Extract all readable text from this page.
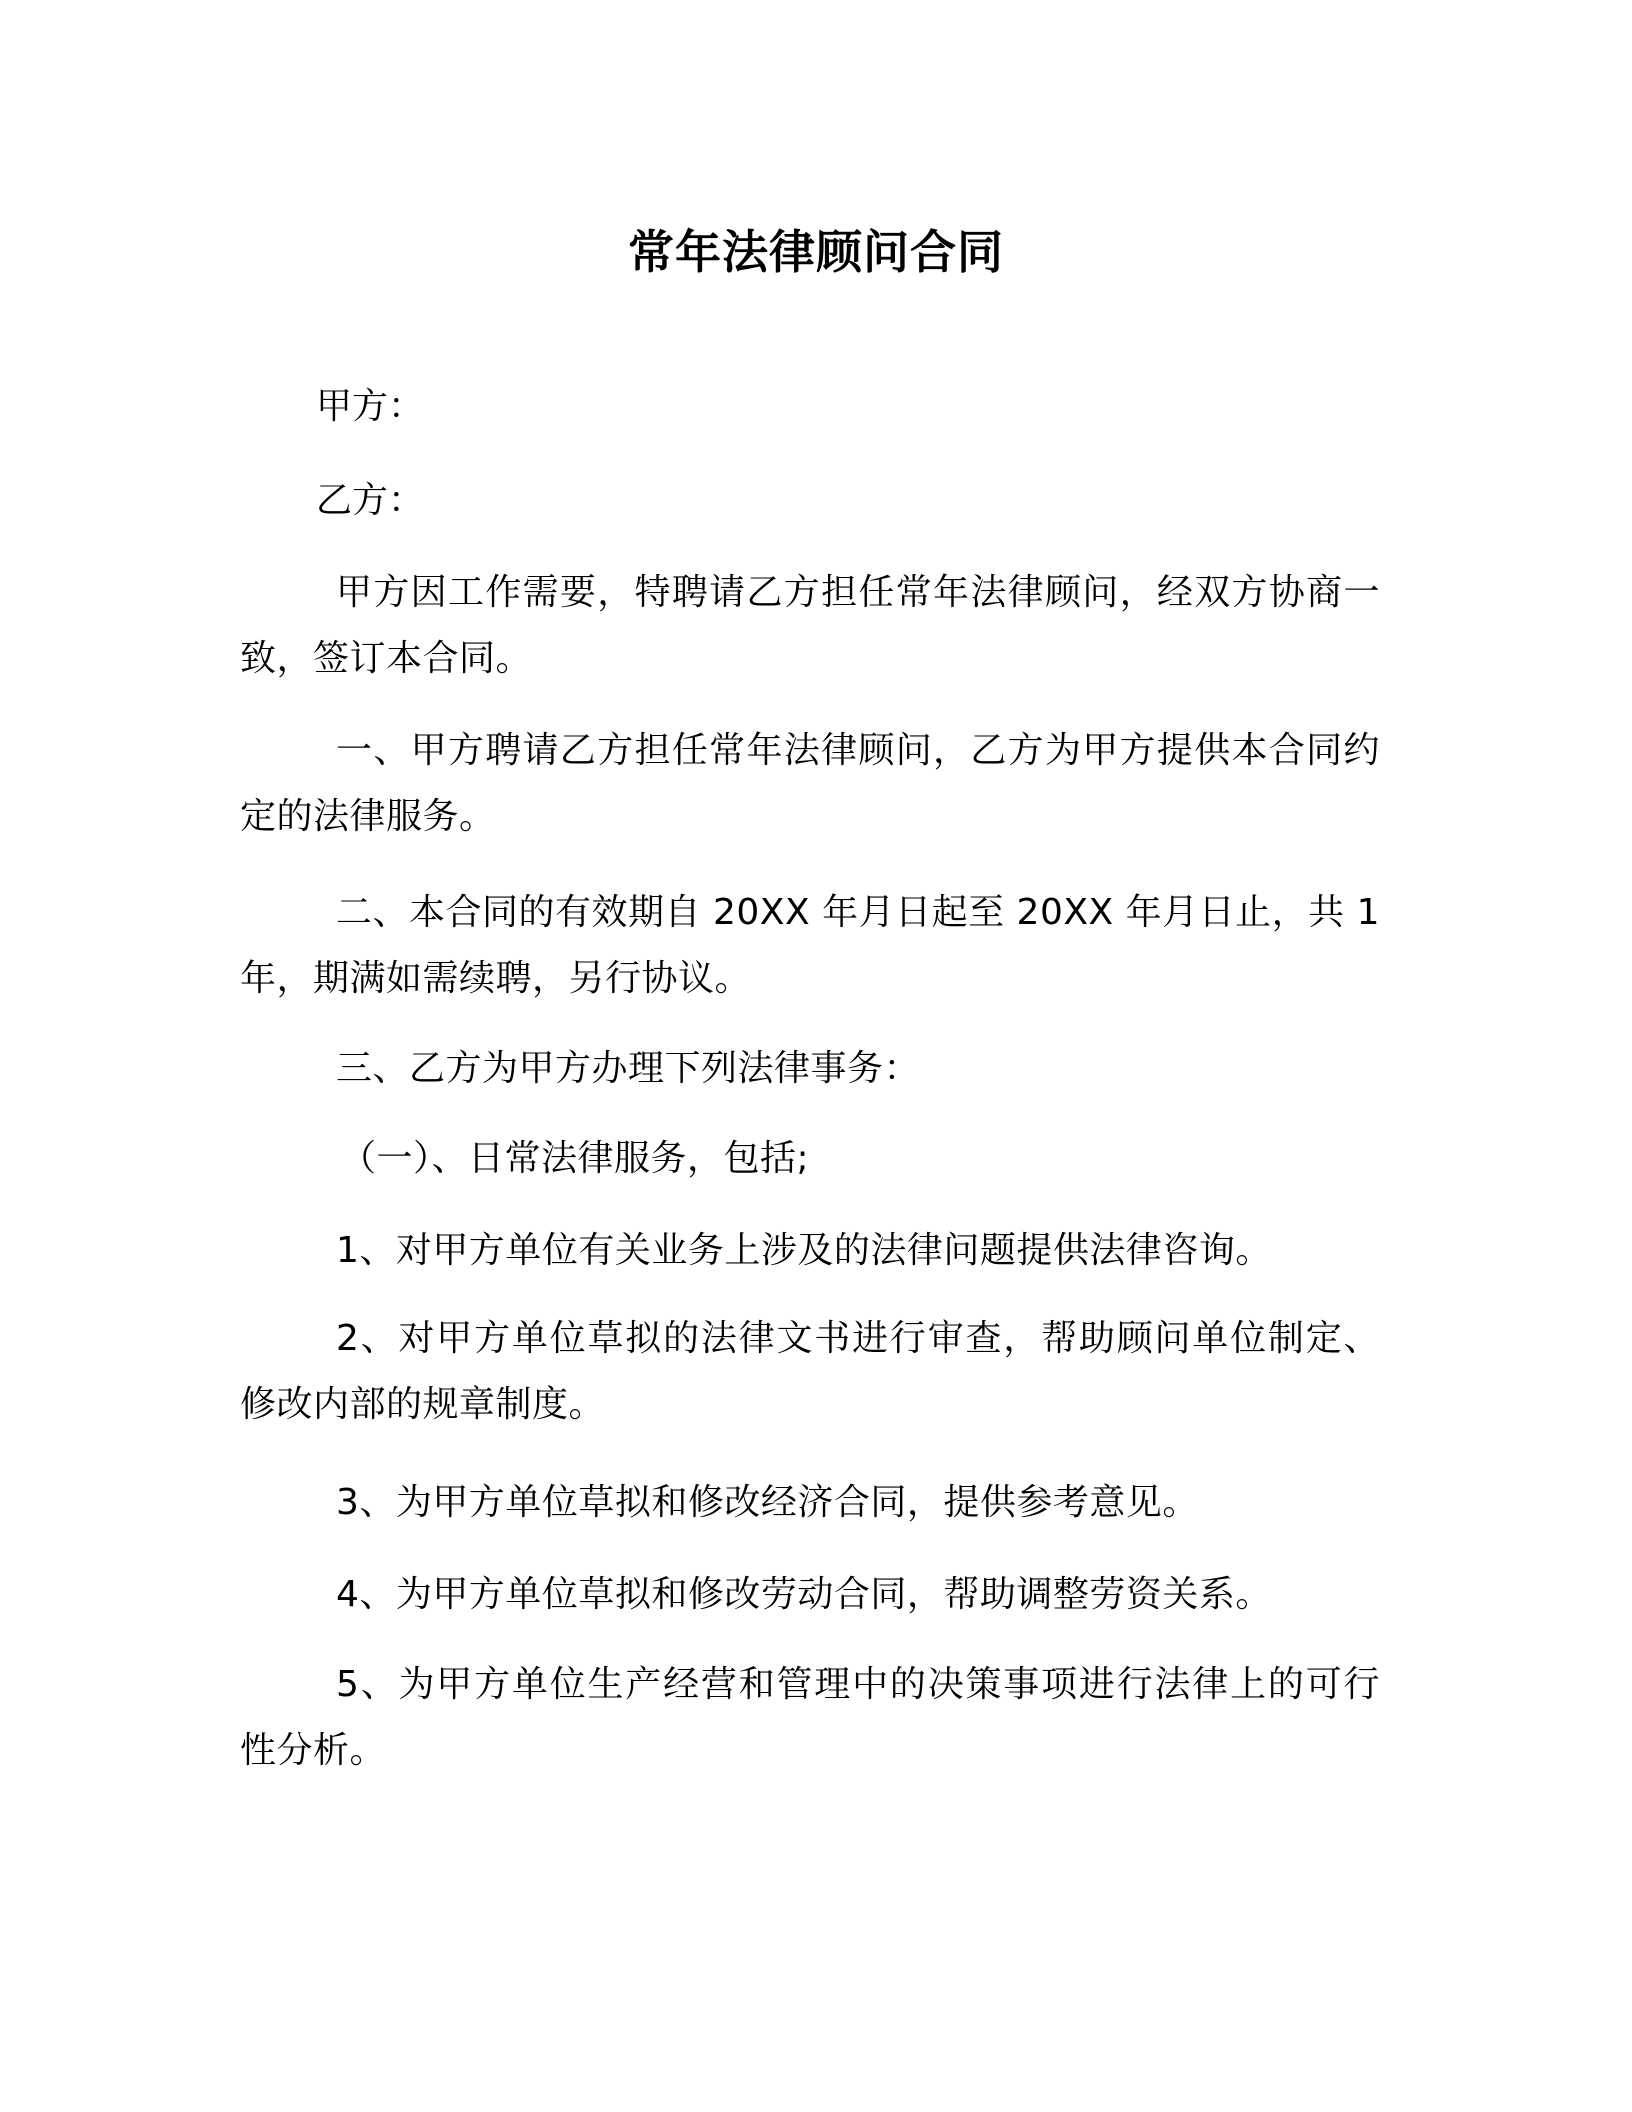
常年法律顾问合同

甲方：

乙方：

甲方因工作需要，特聘请乙方担任常年法律顾问，经双方协商一致，签订本合同。

一、甲方聘请乙方担任常年法律顾问，乙方为甲方提供本合同约定的法律服务。

二、本合同的有效期自 20XX 年月日起至 20XX 年月日止，共 1 年，期满如需续聘，另行协议。

三、乙方为甲方办理下列法律事务：

（一）、日常法律服务，包括;

1、对甲方单位有关业务上涉及的法律问题提供法律咨询。

2、对甲方单位草拟的法律文书进行审查，帮助顾问单位制定、修改内部的规章制度。

3、为甲方单位草拟和修改经济合同，提供参考意见。

4、为甲方单位草拟和修改劳动合同，帮助调整劳资关系。

5、为甲方单位生产经营和管理中的决策事项进行法律上的可行性分析。
